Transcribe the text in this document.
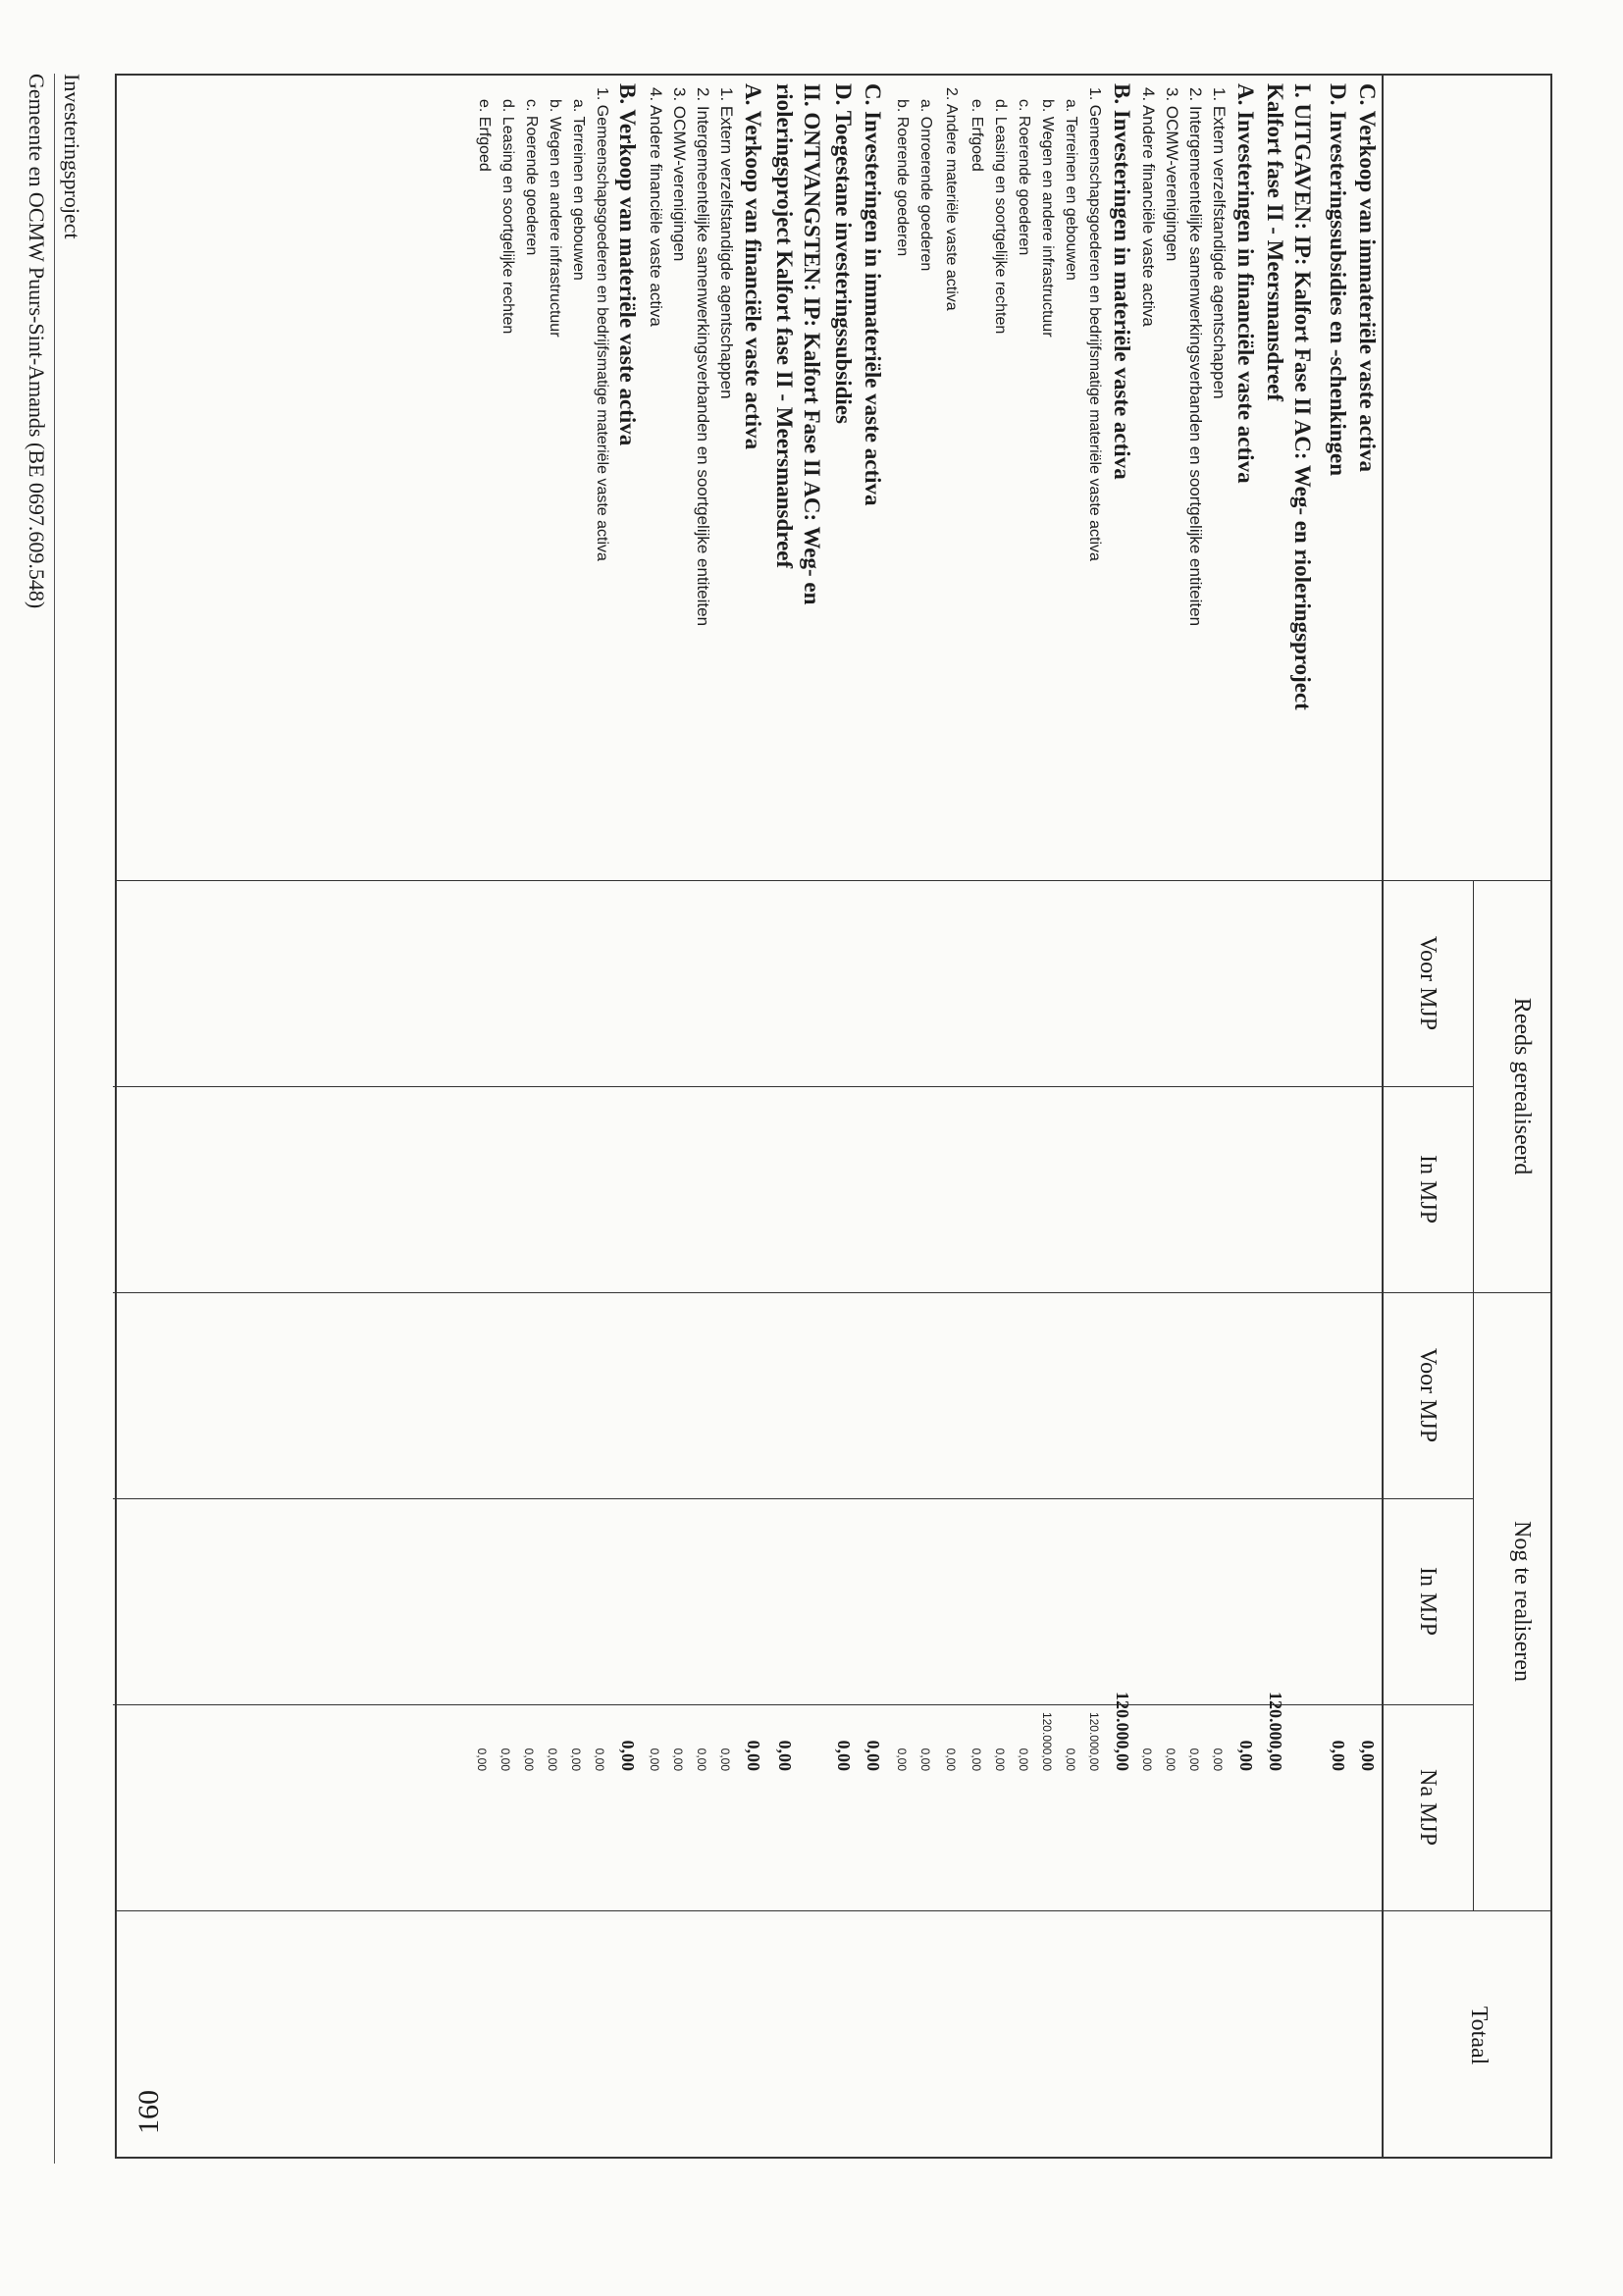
Reeds gerealiseerd
Nog te realiseren
Totaal
Voor MJP
In MJP
Voor MJP
In MJP
Na MJP
C. Verkoop van immateriële vaste activa
D. Investeringssubsidies en -schenkingen
I. UITGAVEN: IP: Kalfort Fase II AC: Weg- en rioleringsproject
Kalfort fase II - Meersmansdreef
A. Investeringen in financiële vaste activa
1. Extern verzelfstandigde agentschappen
2. Intergemeentelijke samenwerkingsverbanden en soortgelijke entiteiten
3. OCMW-verenigingen
4. Andere financiële vaste activa
B. Investeringen in materiële vaste activa
1. Gemeenschapsgoederen en bedrijfsmatige materiële vaste activa
a. Terreinen en gebouwen
b. Wegen en andere infrastructuur
c. Roerende goederen
d. Leasing en soortgelijke rechten
e. Erfgoed
2. Andere materiële vaste activa
a. Onroerende goederen
b. Roerende goederen
C. Investeringen in immateriële vaste activa
D. Toegestane investeringssubsidies
II. ONTVANGSTEN: IP: Kalfort Fase II AC: Weg- en
rioleringsproject Kalfort fase II - Meersmansdreef
A. Verkoop van financiële vaste activa
1. Extern verzelfstandigde agentschappen
2. Intergemeentelijke samenwerkingsverbanden en soortgelijke entiteiten
3. OCMW-verenigingen
4. Andere financiële vaste activa
B. Verkoop van materiële vaste activa
1. Gemeenschapsgoederen en bedrijfsmatige materiële vaste activa
a. Terreinen en gebouwen
b. Wegen en andere infrastructuur
c. Roerende goederen
d. Leasing en soortgelijke rechten
e. Erfgoed
0,00
0,00
120.000,00
0,00
0,00
0,00
0,00
0,00
120.000,00
120.000,00
0,00
120.000,00
0,00
0,00
0,00
0,00
0,00
0,00
0,00
0,00
0,00
0,00
0,00
0,00
0,00
0,00
0,00
0,00
0,00
0,00
0,00
0,00
0,00
160
Investeringsproject
Gemeente en OCMW Puurs-Sint-Amands (BE 0697.609.548)
